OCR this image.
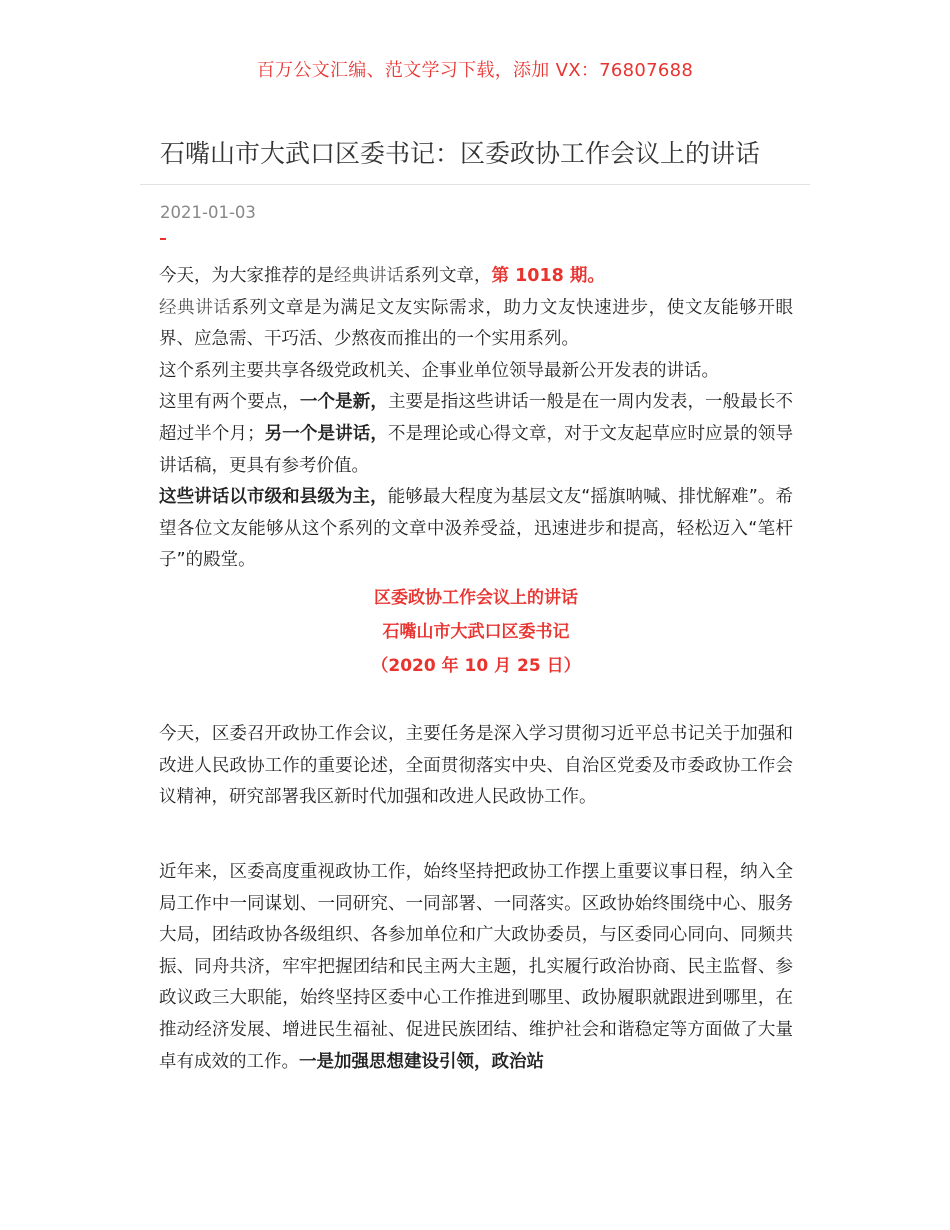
百万公文汇编、范文学习下载，添加 VX：76807688
石嘴山市大武口区委书记：区委政协工作会议上的讲话
2021-01-03

今天，为大家推荐的是经典讲话系列文章，第 1018 期。

经典讲话系列文章是为满足文友实际需求，助力文友快速进步，使文友能够开眼界、应急需、干巧活、少熬夜而推出的一个实用系列。

这个系列主要共享各级党政机关、企事业单位领导最新公开发表的讲话。

这里有两个要点，一个是新，主要是指这些讲话一般是在一周内发表，一般最长不超过半个月；另一个是讲话，不是理论或心得文章，对于文友起草应时应景的领导讲话稿，更具有参考价值。

这些讲话以市级和县级为主，能够最大程度为基层文友“摇旗呐喊、排忧解难”。希望各位文友能够从这个系列的文章中汲养受益，迅速进步和提高，轻松迈入“笔杆子”的殿堂。

区委政协工作会议上的讲话
石嘴山市大武口区委书记
（2020 年 10 月 25 日）

今天，区委召开政协工作会议，主要任务是深入学习贯彻习近平总书记关于加强和改进人民政协工作的重要论述，全面贯彻落实中央、自治区党委及市委政协工作会议精神，研究部署我区新时代加强和改进人民政协工作。

近年来，区委高度重视政协工作，始终坚持把政协工作摆上重要议事日程，纳入全局工作中一同谋划、一同研究、一同部署、一同落实。区政协始终围绕中心、服务大局，团结政协各级组织、各参加单位和广大政协委员，与区委同心同向、同频共振、同舟共济，牢牢把握团结和民主两大主题，扎实履行政治协商、民主监督、参政议政三大职能，始终坚持区委中心工作推进到哪里、政协履职就跟进到哪里，在推动经济发展、增进民生福祉、促进民族团结、维护社会和谐稳定等方面做了大量卓有成效的工作。一是加强思想建设引领，政治站
